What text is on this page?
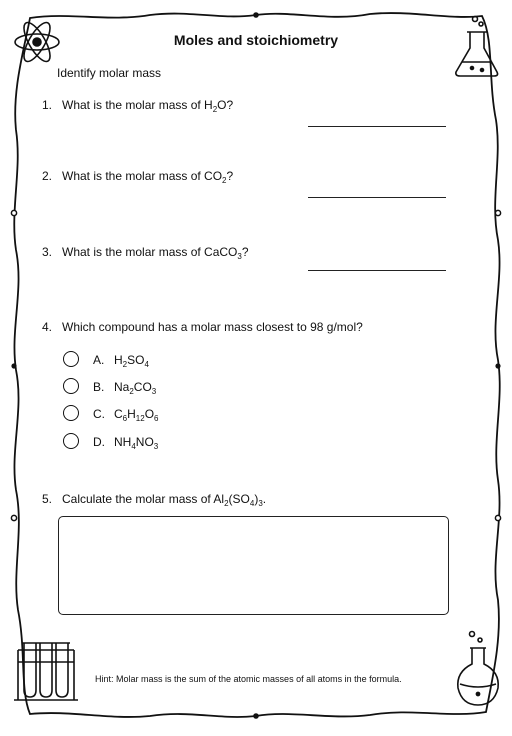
Moles and stoichiometry
Identify molar mass
1. What is the molar mass of $H_2O$?
2. What is the molar mass of $CO_2$?
3. What is the molar mass of CaCO$_3$?
4. Which compound has a molar mass closest to 98 g/mol?
A. $H_2SO_4$
B. $Na_2CO_3$
C. $C_6H_{12}O_6$
D. $NH_4NO_3$
5. Calculate the molar mass of $Al_2(SO_4)_3$.
Hint: Molar mass is the sum of the atomic masses of all atoms in the formula.
